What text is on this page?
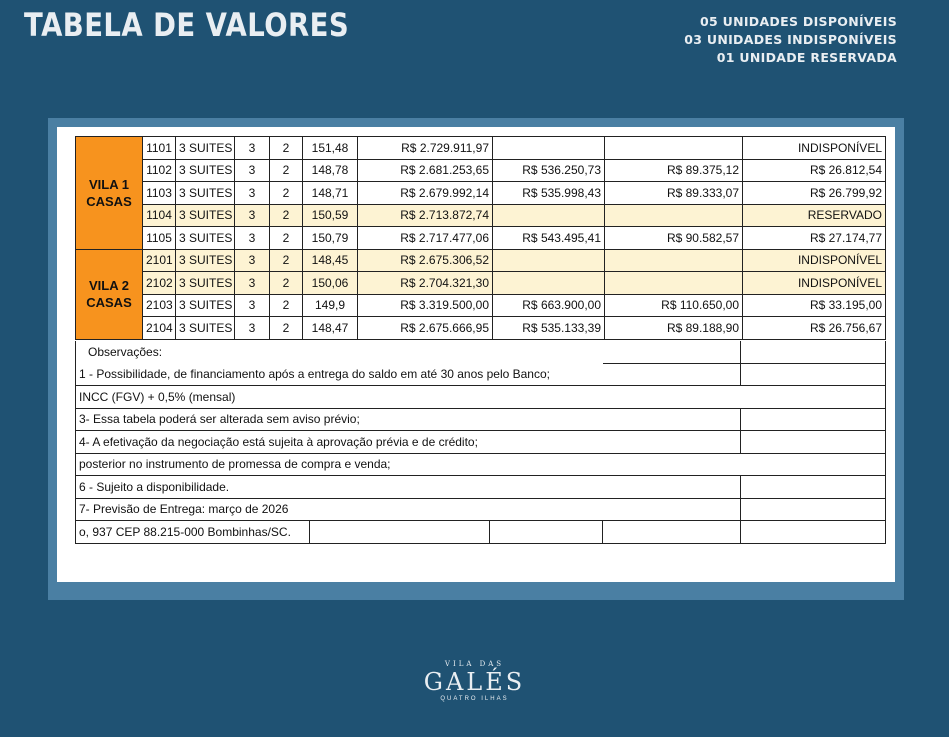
TABELA DE VALORES	05 UNIDADES DISPONÍVEIS
03 UNIDADES INDISPONÍVEIS
01 UNIDADE RESERVADA
VILA 1 CASAS	1101	3 SUITES	3	2	151,48	R$ 2.729.911,97			INDISPONÍVEL
	1102	3 SUITES	3	2	148,78	R$ 2.681.253,65	R$ 536.250,73	R$ 89.375,12	R$ 26.812,54
	1103	3 SUITES	3	2	148,71	R$ 2.679.992,14	R$ 535.998,43	R$ 89.333,07	R$ 26.799,92
	1104	3 SUITES	3	2	150,59	R$ 2.713.872,74			RESERVADO
	1105	3 SUITES	3	2	150,79	R$ 2.717.477,06	R$ 543.495,41	R$ 90.582,57	R$ 27.174,77
VILA 2 CASAS	2101	3 SUITES	3	2	148,45	R$ 2.675.306,52			INDISPONÍVEL
	2102	3 SUITES	3	2	150,06	R$ 2.704.321,30			INDISPONÍVEL
	2103	3 SUITES	3	2	149,9	R$ 3.319.500,00	R$ 663.900,00	R$ 110.650,00	R$ 33.195,00
	2104	3 SUITES	3	2	148,47	R$ 2.675.666,95	R$ 535.133,39	R$ 89.188,90	R$ 26.756,67
Observações:				
1 - Possibilidade, de financiamento após a entrega do saldo em até 30 anos pelo Banco;				
INCC (FGV) + 0,5% (mensal)				
3- Essa tabela poderá ser alterada sem aviso prévio;				
4- A efetivação da negociação está sujeita à aprovação prévia e de crédito;				
posterior no instrumento de promessa de compra e venda;				
6 - Sujeito a disponibilidade.				
7- Previsão de Entrega: março de 2026				
o, 937 CEP 88.215-000 Bombinhas/SC.				
VILA DAS
GALÉS
QUATRO ILHAS
